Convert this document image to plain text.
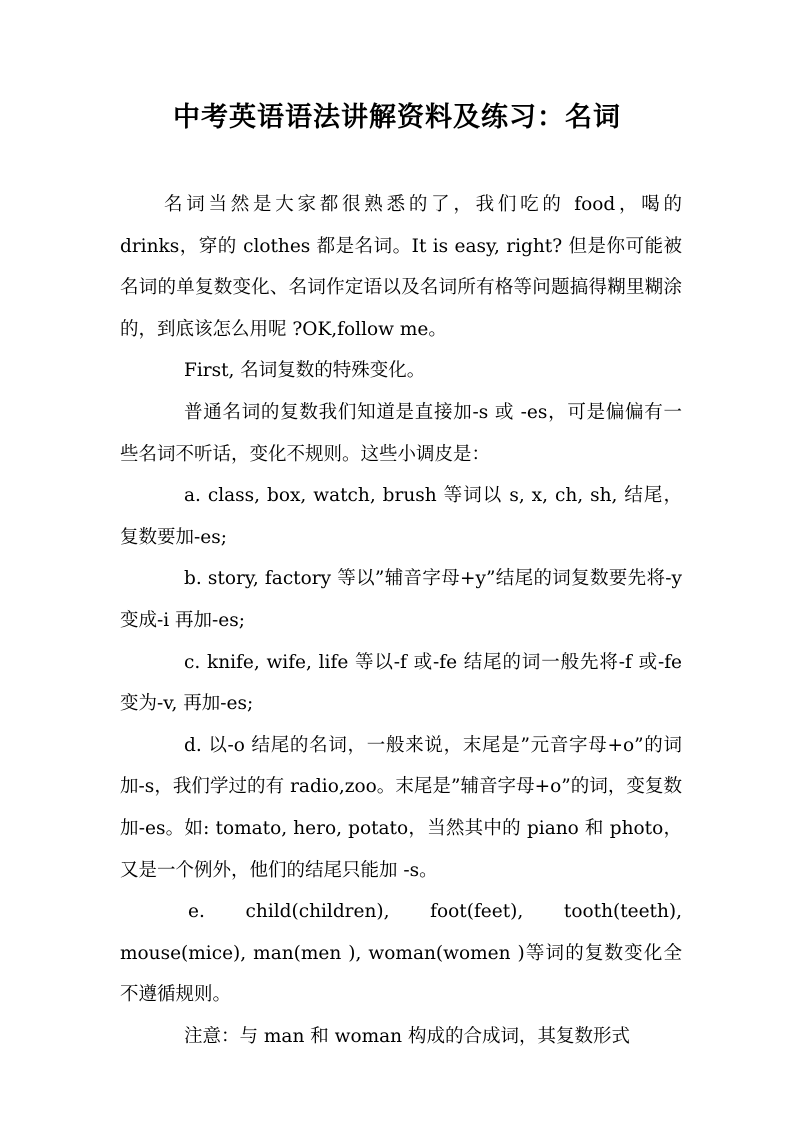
中考英语语法讲解资料及练习：名词

名词当然是大家都很熟悉的了，我们吃的 food，喝的 drinks，穿的 clothes 都是名词。It is easy, right? 但是你可能被名词的单复数变化、名词作定语以及名词所有格等问题搞得糊里糊涂的，到底该怎么用呢 ?OK,follow me。

First, 名词复数的特殊变化。

普通名词的复数我们知道是直接加-s 或 -es，可是偏偏有一些名词不听话，变化不规则。这些小调皮是：

a. class, box, watch, brush 等词以 s, x, ch, sh, 结尾，复数要加-es;

b. story, factory 等以”辅音字母+y”结尾的词复数要先将-y 变成-i 再加-es;

c. knife, wife, life 等以-f 或-fe 结尾的词一般先将-f 或-fe 变为-v, 再加-es;

d. 以-o 结尾的名词，一般来说，末尾是”元音字母+o”的词加-s，我们学过的有 radio,zoo。末尾是”辅音字母+o”的词，变复数加-es。如: tomato, hero, potato，当然其中的 piano 和 photo，又是一个例外，他们的结尾只能加 -s。

e. child(children), foot(feet), tooth(teeth), mouse(mice), man(men ), woman(women )等词的复数变化全不遵循规则。

注意：与 man 和 woman 构成的合成词，其复数形式
